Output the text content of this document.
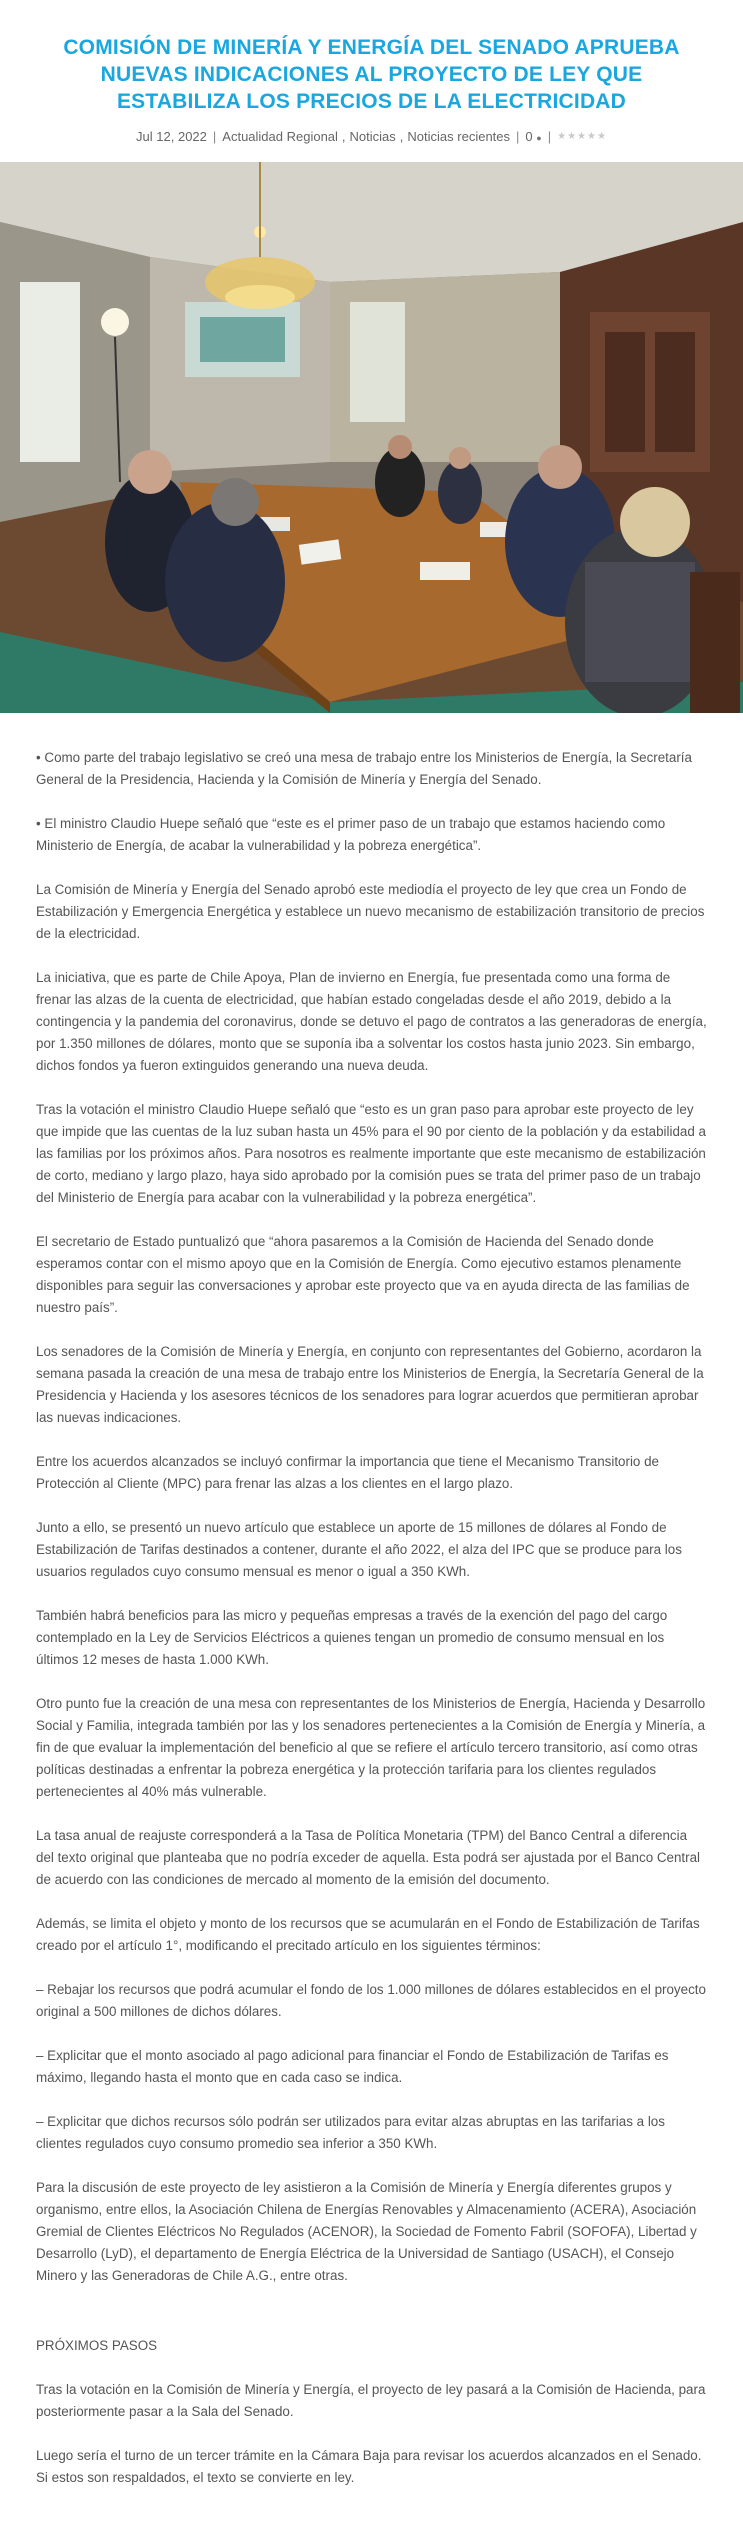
COMISIÓN DE MINERÍA Y ENERGÍA DEL SENADO APRUEBA NUEVAS INDICACIONES AL PROYECTO DE LEY QUE ESTABILIZA LOS PRECIOS DE LA ELECTRICIDAD
Jul 12, 2022 | Actualidad Regional , Noticias , Noticias recientes | 0 ● | ★★★★★

• Como parte del trabajo legislativo se creó una mesa de trabajo entre los Ministerios de Energía, la Secretaría General de la Presidencia, Hacienda y la Comisión de Minería y Energía del Senado.

• El ministro Claudio Huepe señaló que “este es el primer paso de un trabajo que estamos haciendo como Ministerio de Energía, de acabar la vulnerabilidad y la pobreza energética”.

La Comisión de Minería y Energía del Senado aprobó este mediodía el proyecto de ley que crea un Fondo de Estabilización y Emergencia Energética y establece un nuevo mecanismo de estabilización transitorio de precios de la electricidad.

La iniciativa, que es parte de Chile Apoya, Plan de invierno en Energía, fue presentada como una forma de frenar las alzas de la cuenta de electricidad, que habían estado congeladas desde el año 2019, debido a la contingencia y la pandemia del coronavirus, donde se detuvo el pago de contratos a las generadoras de energía, por 1.350 millones de dólares, monto que se suponía iba a solventar los costos hasta junio 2023. Sin embargo, dichos fondos ya fueron extinguidos generando una nueva deuda.

Tras la votación el ministro Claudio Huepe señaló que “esto es un gran paso para aprobar este proyecto de ley que impide que las cuentas de la luz suban hasta un 45% para el 90 por ciento de la población y da estabilidad a las familias por los próximos años. Para nosotros es realmente importante que este mecanismo de estabilización de corto, mediano y largo plazo, haya sido aprobado por la comisión pues se trata del primer paso de un trabajo del Ministerio de Energía para acabar con la vulnerabilidad y la pobreza energética”.

El secretario de Estado puntualizó que “ahora pasaremos a la Comisión de Hacienda del Senado donde esperamos contar con el mismo apoyo que en la Comisión de Energía. Como ejecutivo estamos plenamente disponibles para seguir las conversaciones y aprobar este proyecto que va en ayuda directa de las familias de nuestro país”.

Los senadores de la Comisión de Minería y Energía, en conjunto con representantes del Gobierno, acordaron la semana pasada la creación de una mesa de trabajo entre los Ministerios de Energía, la Secretaría General de la Presidencia y Hacienda y los asesores técnicos de los senadores para lograr acuerdos que permitieran aprobar las nuevas indicaciones.

Entre los acuerdos alcanzados se incluyó confirmar la importancia que tiene el Mecanismo Transitorio de Protección al Cliente (MPC) para frenar las alzas a los clientes en el largo plazo.

Junto a ello, se presentó un nuevo artículo que establece un aporte de 15 millones de dólares al Fondo de Estabilización de Tarifas destinados a contener, durante el año 2022, el alza del IPC que se produce para los usuarios regulados cuyo consumo mensual es menor o igual a 350 KWh.

También habrá beneficios para las micro y pequeñas empresas a través de la exención del pago del cargo contemplado en la Ley de Servicios Eléctricos a quienes tengan un promedio de consumo mensual en los últimos 12 meses de hasta 1.000 KWh.

Otro punto fue la creación de una mesa con representantes de los Ministerios de Energía, Hacienda y Desarrollo Social y Familia, integrada también por las y los senadores pertenecientes a la Comisión de Energía y Minería, a fin de que evaluar la implementación del beneficio al que se refiere el artículo tercero transitorio, así como otras políticas destinadas a enfrentar la pobreza energética y la protección tarifaria para los clientes regulados pertenecientes al 40% más vulnerable.

La tasa anual de reajuste corresponderá a la Tasa de Política Monetaria (TPM) del Banco Central a diferencia del texto original que planteaba que no podría exceder de aquella. Esta podrá ser ajustada por el Banco Central de acuerdo con las condiciones de mercado al momento de la emisión del documento.

Además, se limita el objeto y monto de los recursos que se acumularán en el Fondo de Estabilización de Tarifas creado por el artículo 1°, modificando el precitado artículo en los siguientes términos:

– Rebajar los recursos que podrá acumular el fondo de los 1.000 millones de dólares establecidos en el proyecto original a 500 millones de dichos dólares.

– Explicitar que el monto asociado al pago adicional para financiar el Fondo de Estabilización de Tarifas es máximo, llegando hasta el monto que en cada caso se indica.

– Explicitar que dichos recursos sólo podrán ser utilizados para evitar alzas abruptas en las tarifarias a los clientes regulados cuyo consumo promedio sea inferior a 350 KWh.

Para la discusión de este proyecto de ley asistieron a la Comisión de Minería y Energía diferentes grupos y organismo, entre ellos, la Asociación Chilena de Energías Renovables y Almacenamiento (ACERA), Asociación Gremial de Clientes Eléctricos No Regulados (ACENOR), la Sociedad de Fomento Fabril (SOFOFA), Libertad y Desarrollo (LyD), el departamento de Energía Eléctrica de la Universidad de Santiago (USACH), el Consejo Minero y las Generadoras de Chile A.G., entre otras.

PRÓXIMOS PASOS

Tras la votación en la Comisión de Minería y Energía, el proyecto de ley pasará a la Comisión de Hacienda, para posteriormente pasar a la Sala del Senado.

Luego sería el turno de un tercer trámite en la Cámara Baja para revisar los acuerdos alcanzados en el Senado. Si estos son respaldados, el texto se convierte en ley.
